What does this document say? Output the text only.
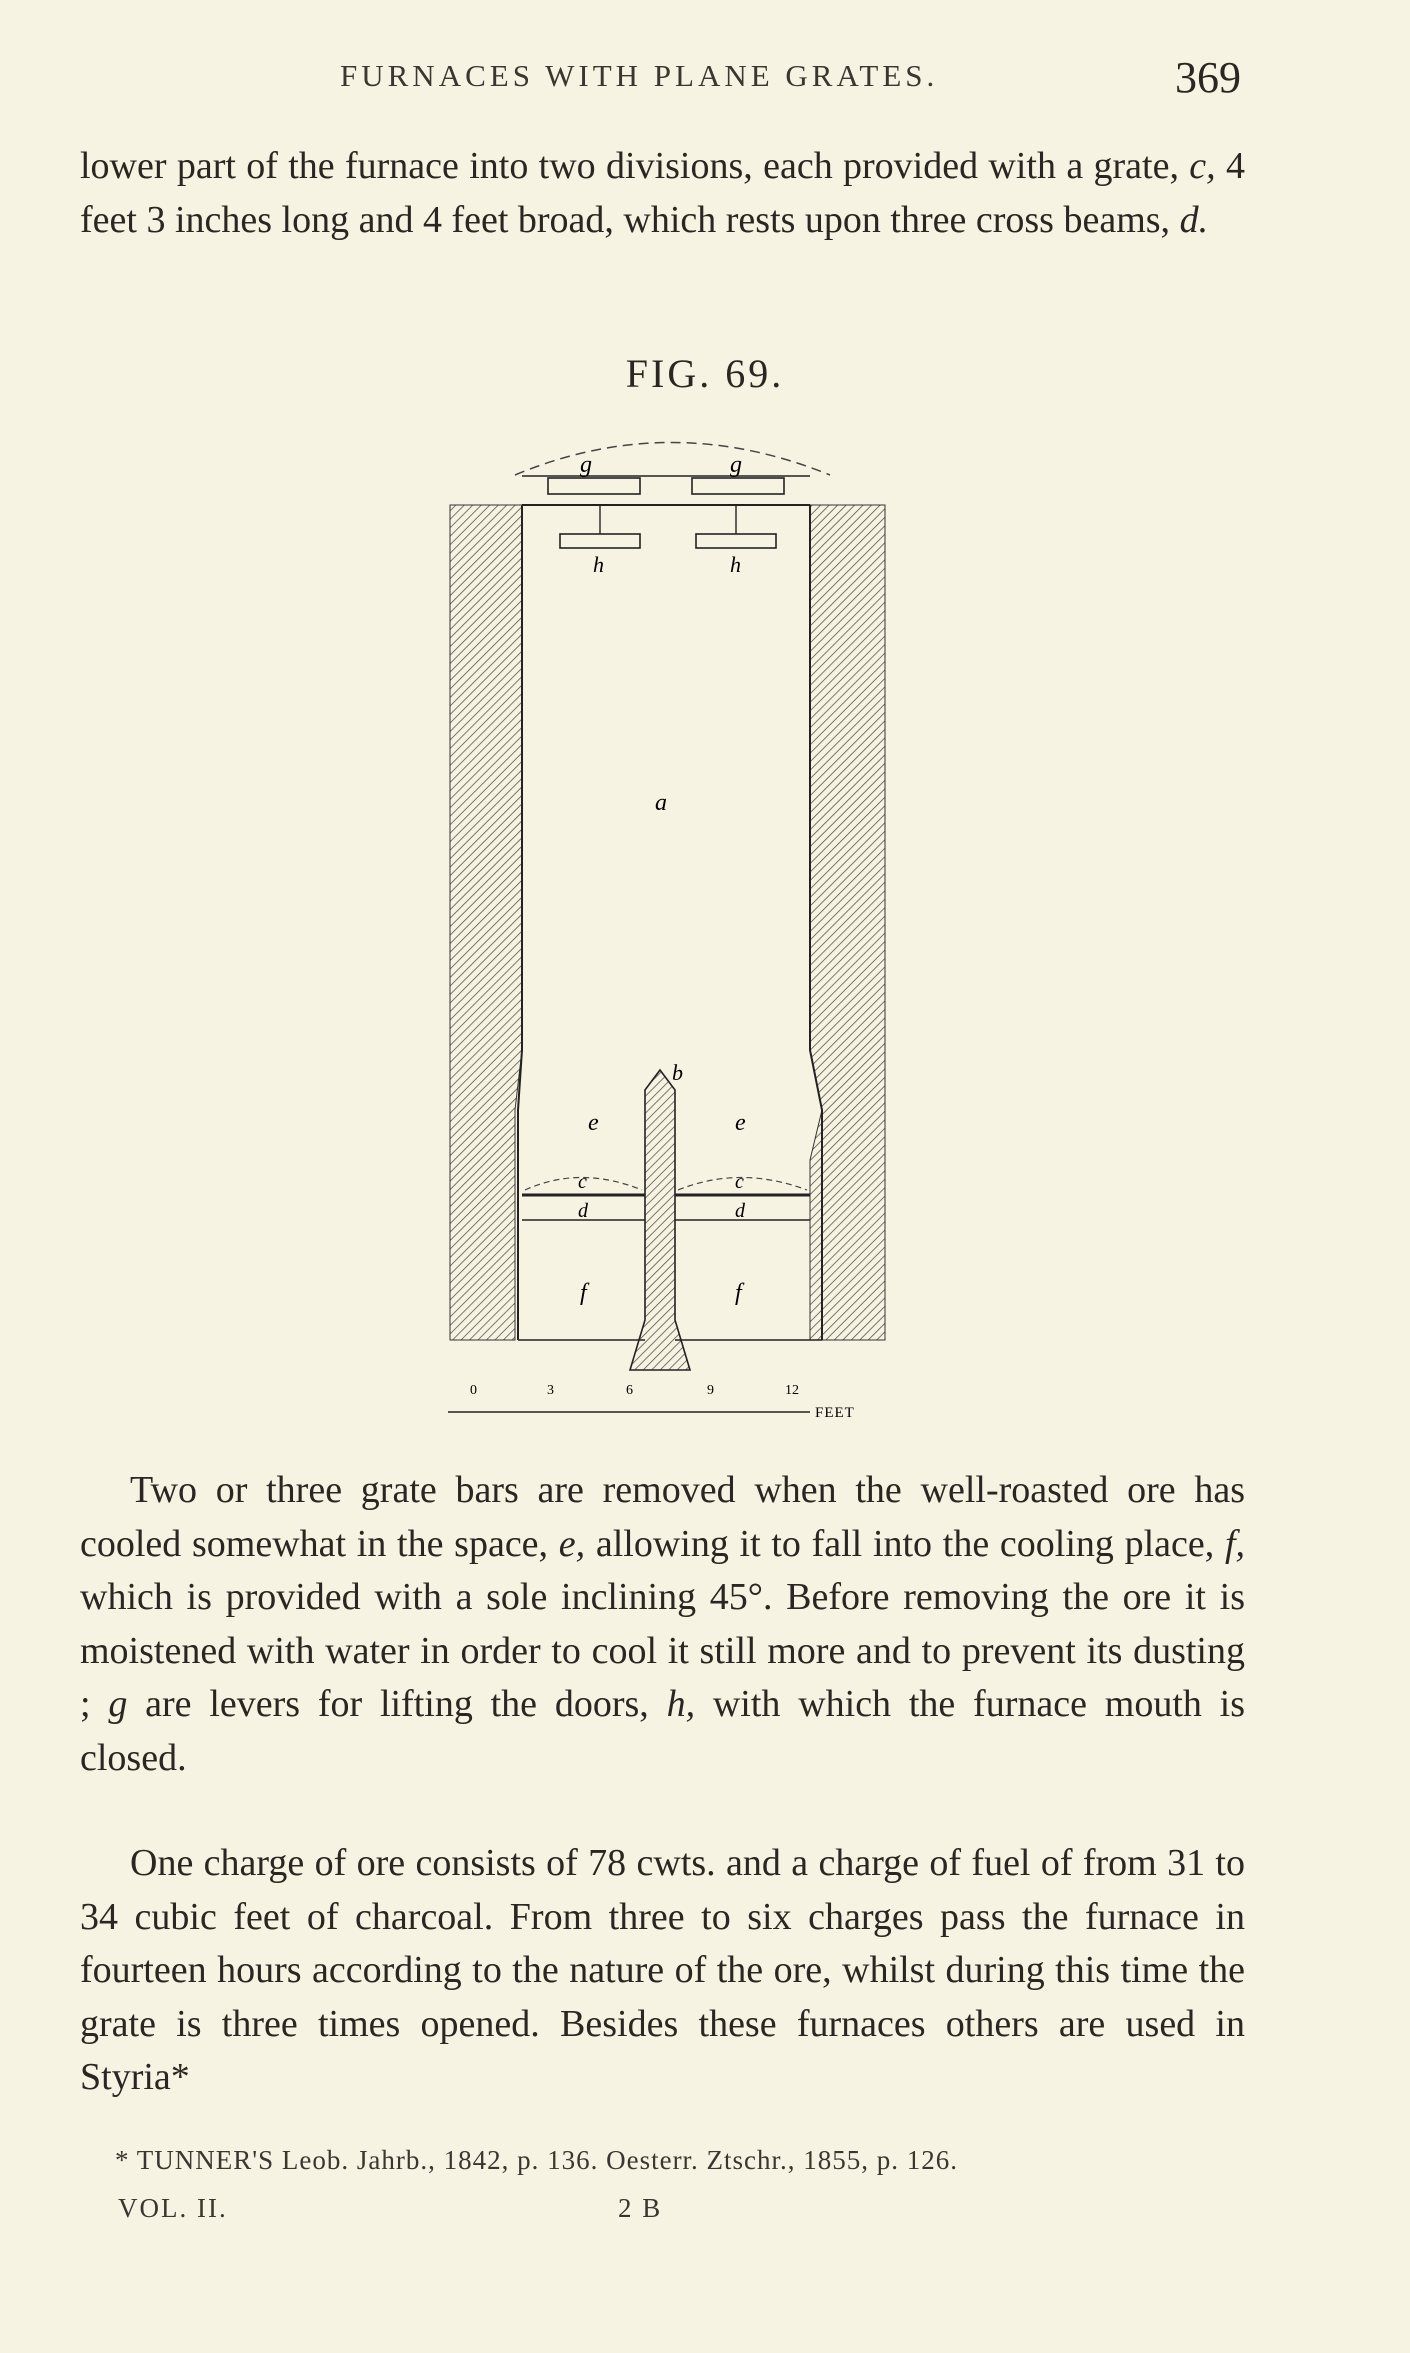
FURNACES WITH PLANE GRATES.	369

lower part of the furnace into two divisions, each provided with a grate, c, 4 feet 3 inches long and 4 feet broad, which rests upon three cross beams, d.

FIG. 69.
g	g
h	h
a
b
e	e
c	c
d	d
f	f
0	3	6	9	12
FEET

Two or three grate bars are removed when the well-roasted ore has cooled somewhat in the space, e, allowing it to fall into the cooling place, f, which is provided with a sole inclining 45°. Before removing the ore it is moistened with water in order to cool it still more and to prevent its dusting ; g are levers for lifting the doors, h, with which the furnace mouth is closed.

One charge of ore consists of 78 cwts. and a charge of fuel of from 31 to 34 cubic feet of charcoal. From three to six charges pass the furnace in fourteen hours according to the nature of the ore, whilst during this time the grate is three times opened. Besides these furnaces others are used in Styria*

* TUNNER'S Leob. Jahrb., 1842, p. 136. Oesterr. Ztschr., 1855, p. 126.
VOL. II.	2 B
